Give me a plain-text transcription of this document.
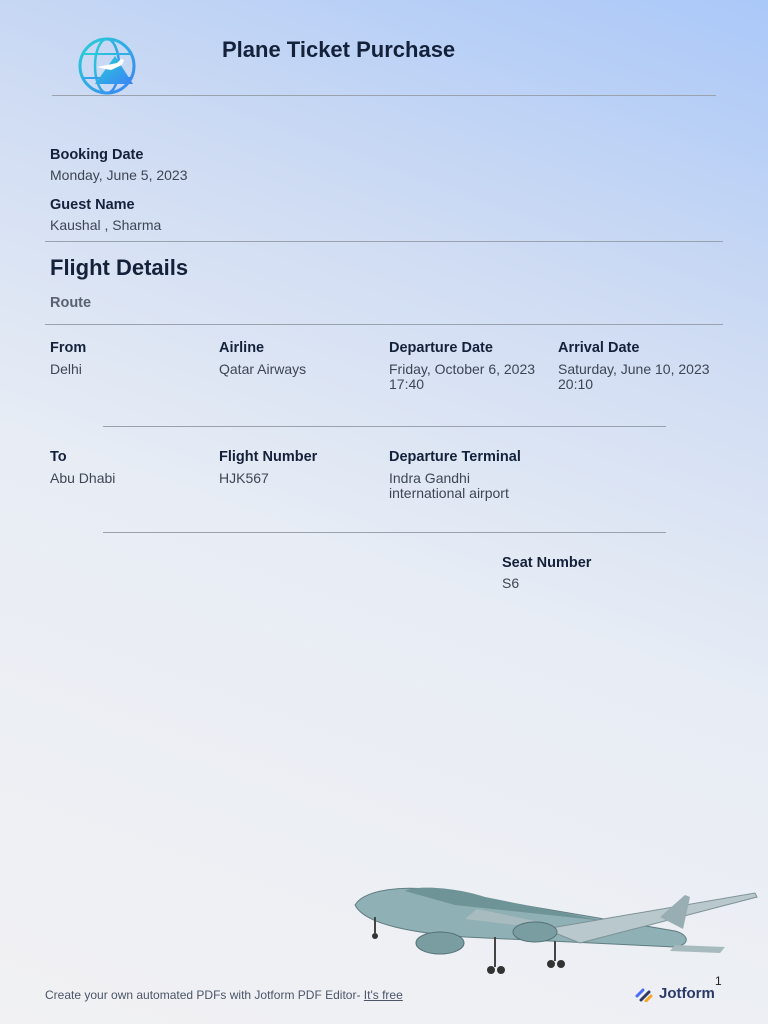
Plane Ticket Purchase
Booking Date
Monday, June 5, 2023
Guest Name
Kaushal , Sharma
Flight Details
Route
From
Delhi
Airline
Qatar Airways
Departure Date
Friday, October 6, 2023
17:40
Arrival Date
Saturday, June 10, 2023
20:10
To
Abu Dhabi
Flight Number
HJK567
Departure Terminal
Indra Gandhi
international airport
Seat Number
S6
Create your own automated PDFs with Jotform PDF Editor- It's free
1
Jotform
